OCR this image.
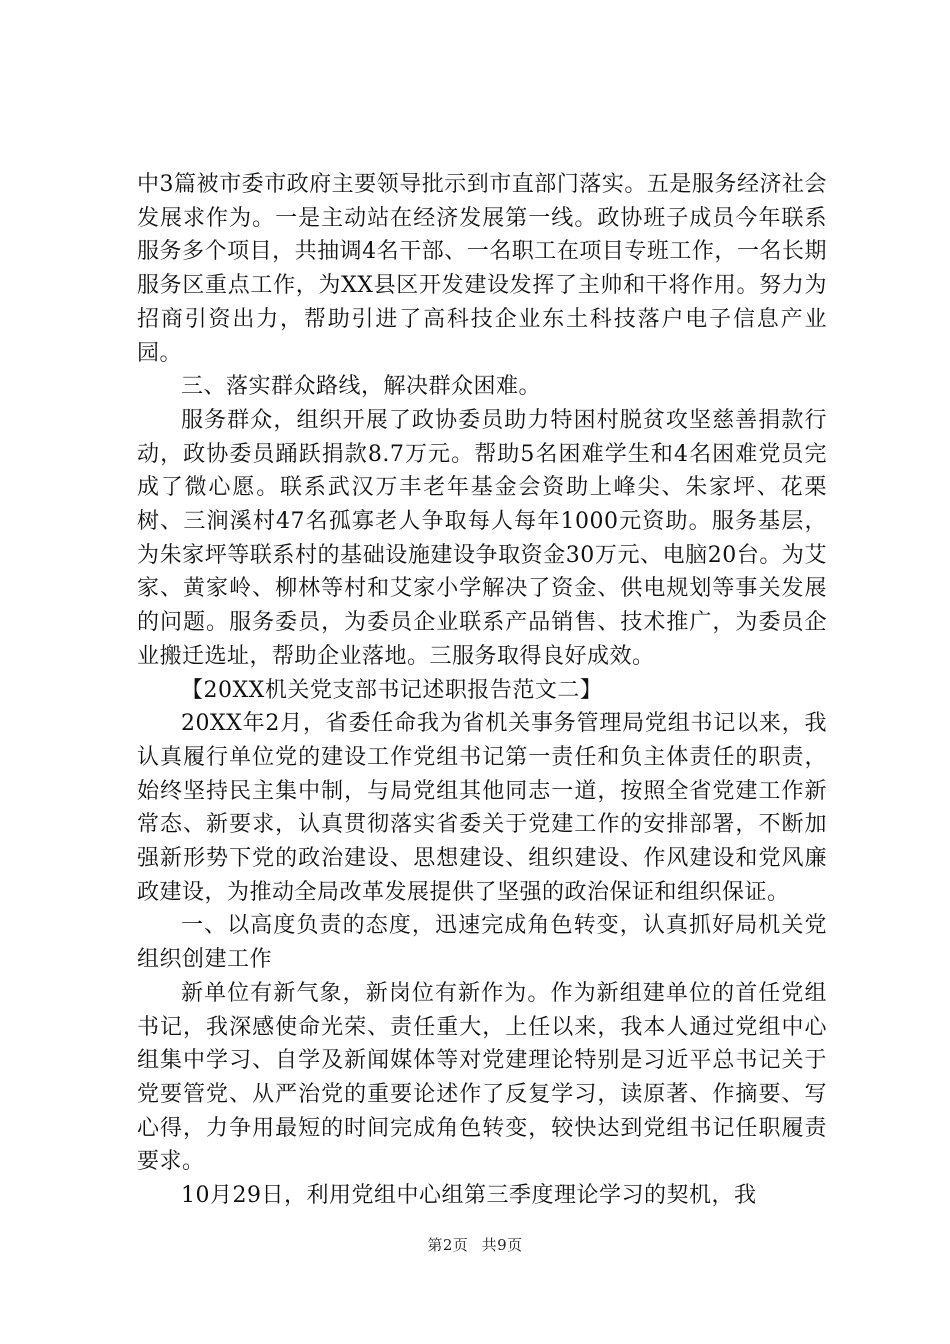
中3篇被市委市政府主要领导批示到市直部门落实。五是服务经济社会发展求作为。一是主动站在经济发展第一线。政协班子成员今年联系服务多个项目，共抽调4名干部、一名职工在项目专班工作，一名长期服务区重点工作，为XX县区开发建设发挥了主帅和干将作用。努力为招商引资出力，帮助引进了高科技企业东土科技落户电子信息产业园。

三、落实群众路线，解决群众困难。

服务群众，组织开展了政协委员助力特困村脱贫攻坚慈善捐款行动，政协委员踊跃捐款8.7万元。帮助5名困难学生和4名困难党员完成了微心愿。联系武汉万丰老年基金会资助上峰尖、朱家坪、花栗树、三涧溪村47名孤寡老人争取每人每年1000元资助。服务基层，为朱家坪等联系村的基础设施建设争取资金30万元、电脑20台。为艾家、黄家岭、柳林等村和艾家小学解决了资金、供电规划等事关发展的问题。服务委员，为委员企业联系产品销售、技术推广，为委员企业搬迁选址，帮助企业落地。三服务取得良好成效。

【20XX机关党支部书记述职报告范文二】

20XX年2月，省委任命我为省机关事务管理局党组书记以来，我认真履行单位党的建设工作党组书记第一责任和负主体责任的职责，始终坚持民主集中制，与局党组其他同志一道，按照全省党建工作新常态、新要求，认真贯彻落实省委关于党建工作的安排部署，不断加强新形势下党的政治建设、思想建设、组织建设、作风建设和党风廉政建设，为推动全局改革发展提供了坚强的政治保证和组织保证。

一、以高度负责的态度，迅速完成角色转变，认真抓好局机关党组织创建工作

新单位有新气象，新岗位有新作为。作为新组建单位的首任党组书记，我深感使命光荣、责任重大，上任以来，我本人通过党组中心组集中学习、自学及新闻媒体等对党建理论特别是习近平总书记关于党要管党、从严治党的重要论述作了反复学习，读原著、作摘要、写心得，力争用最短的时间完成角色转变，较快达到党组书记任职履责要求。

10月29日，利用党组中心组第三季度理论学习的契机，我

第2页 共9页
